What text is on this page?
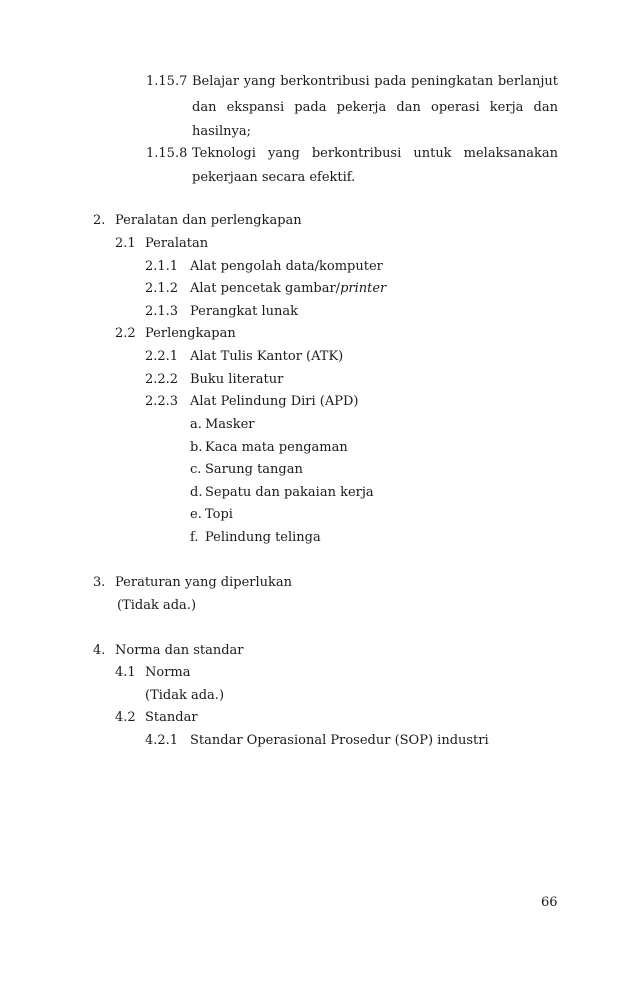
1.15.7 Belajar yang berkontribusi pada peningkatan berlanjut
dan ekspansi pada pekerja dan operasi kerja dan
hasilnya;
1.15.8 Teknologi yang berkontribusi untuk melaksanakan
pekerjaan secara efektif.
2. Peralatan dan perlengkapan
2.1 Peralatan
2.1.1 Alat pengolah data/komputer
2.1.2 Alat pencetak gambar/printer
2.1.3 Perangkat lunak
2.2 Perlengkapan
2.2.1 Alat Tulis Kantor (ATK)
2.2.2 Buku literatur
2.2.3 Alat Pelindung Diri (APD)
a. Masker
b. Kaca mata pengaman
c. Sarung tangan
d. Sepatu dan pakaian kerja
e. Topi
f. Pelindung telinga
3. Peraturan yang diperlukan
(Tidak ada.)
4. Norma dan standar
4.1 Norma
(Tidak ada.)
4.2 Standar
4.2.1 Standar Operasional Prosedur (SOP) industri
66
